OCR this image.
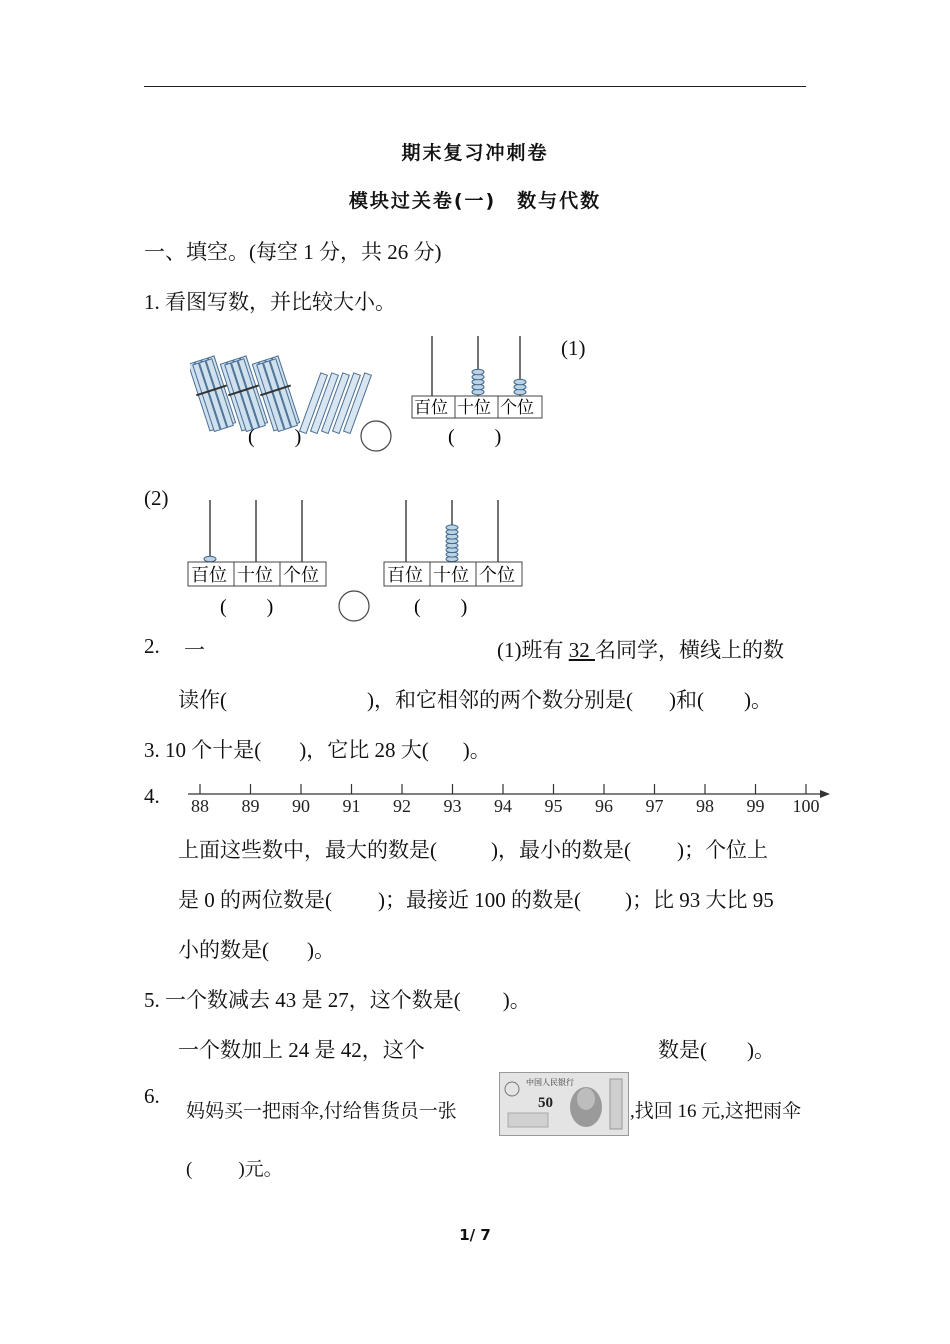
期末复习冲刺卷
模块过关卷(一)　数与代数
一、填空。(每空 1 分，共 26 分)
1. 看图写数，并比较大小。
(　　)	(　　)
百位 十位 个位
(1)
(2)
百位 十位 个位
(　　)
百位 十位 个位
(　　)
2. 一	(1)班有 32 名同学，横线上的数
读作(	)，和它相邻的两个数分别是( )和( )。
3. 10 个十是( )，它比 28 大( )。
4. 88 89 90 91 92 93 94 95 96 97 98 99 100
上面这些数中，最大的数是(	)，最小的数是( )；个位上
是 0 的两位数是( )；最接近 100 的数是( )；比 93 大比 95
小的数是( )。
5. 一个数减去 43 是 27，这个数是( )。
一个数加上 24 是 42，这个	数是( )。
6.
妈妈买一把雨伞,付给售货员一张
中国人民银行
50	,找回 16 元,这把雨伞
( )元。
1/ 7
